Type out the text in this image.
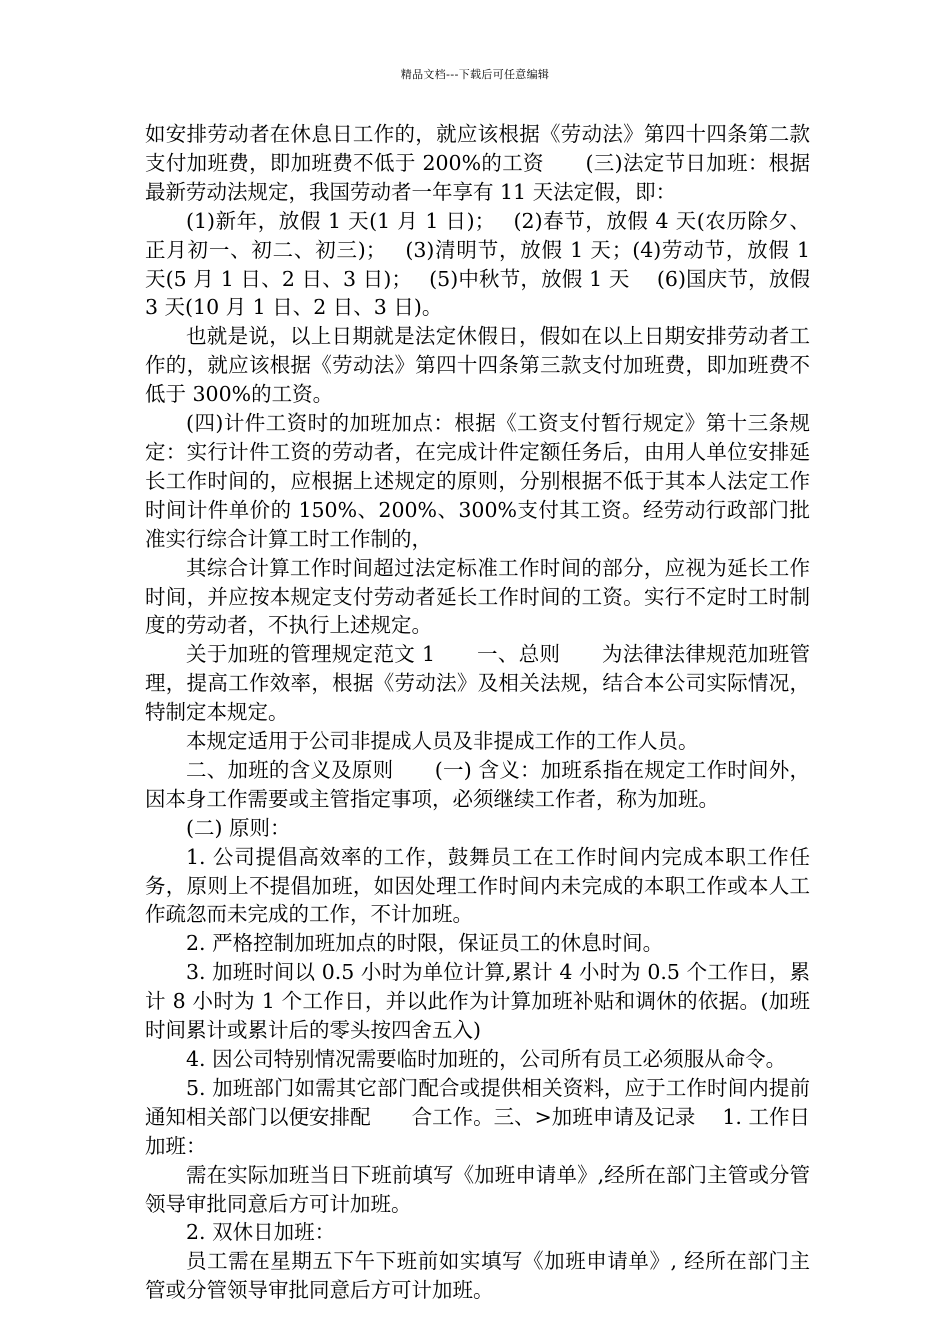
精品文档---下载后可任意编辑

如安排劳动者在休息日工作的，就应该根据《劳动法》第四十四条第二款支付加班费，即加班费不低于 200%的工资　　(三)法定节日加班：根据最新劳动法规定，我国劳动者一年享有 11 天法定假，即：

(1)新年，放假 1 天(1 月 1 日)；　 (2)春节，放假 4 天(农历除夕、正月初一、初二、初三)；　 (3)清明节，放假 1 天；(4)劳动节，放假 1 天(5 月 1 日、2 日、3 日)；　 (5)中秋节，放假 1 天　 (6)国庆节，放假 3 天(10 月 1 日、2 日、3 日)。

也就是说，以上日期就是法定休假日，假如在以上日期安排劳动者工作的，就应该根据《劳动法》第四十四条第三款支付加班费，即加班费不低于 300%的工资。

(四)计件工资时的加班加点：根据《工资支付暂行规定》第十三条规定：实行计件工资的劳动者，在完成计件定额任务后，由用人单位安排延长工作时间的，应根据上述规定的原则，分别根据不低于其本人法定工作时间计件单价的 150%、200%、300%支付其工资。经劳动行政部门批准实行综合计算工时工作制的，

其综合计算工作时间超过法定标准工作时间的部分，应视为延长工作时间，并应按本规定支付劳动者延长工作时间的工资。实行不定时工时制度的劳动者，不执行上述规定。

关于加班的管理规定范文 1　　一、总则　　为法律法律规范加班管理，提高工作效率，根据《劳动法》及相关法规，结合本公司实际情况，特制定本规定。

本规定适用于公司非提成人员及非提成工作的工作人员。

二、加班的含义及原则　　(一) 含义：加班系指在规定工作时间外，因本身工作需要或主管指定事项，必须继续工作者，称为加班。

(二) 原则：

1. 公司提倡高效率的工作，鼓舞员工在工作时间内完成本职工作任务，原则上不提倡加班，如因处理工作时间内未完成的本职工作或本人工作疏忽而未完成的工作，不计加班。

2. 严格控制加班加点的时限，保证员工的休息时间。

3. 加班时间以 0.5 小时为单位计算,累计 4 小时为 0.5 个工作日，累计 8 小时为 1 个工作日，并以此作为计算加班补贴和调休的依据。(加班时间累计或累计后的零头按四舍五入)

4. 因公司特别情况需要临时加班的，公司所有员工必须服从命令。

5. 加班部门如需其它部门配合或提供相关资料，应于工作时间内提前通知相关部门以便安排配　　合工作。三、>加班申请及记录　 1. 工作日加班：

需在实际加班当日下班前填写《加班申请单》,经所在部门主管或分管领导审批同意后方可计加班。

2. 双休日加班：

员工需在星期五下午下班前如实填写《加班申请单》, 经所在部门主管或分管领导审批同意后方可计加班。
